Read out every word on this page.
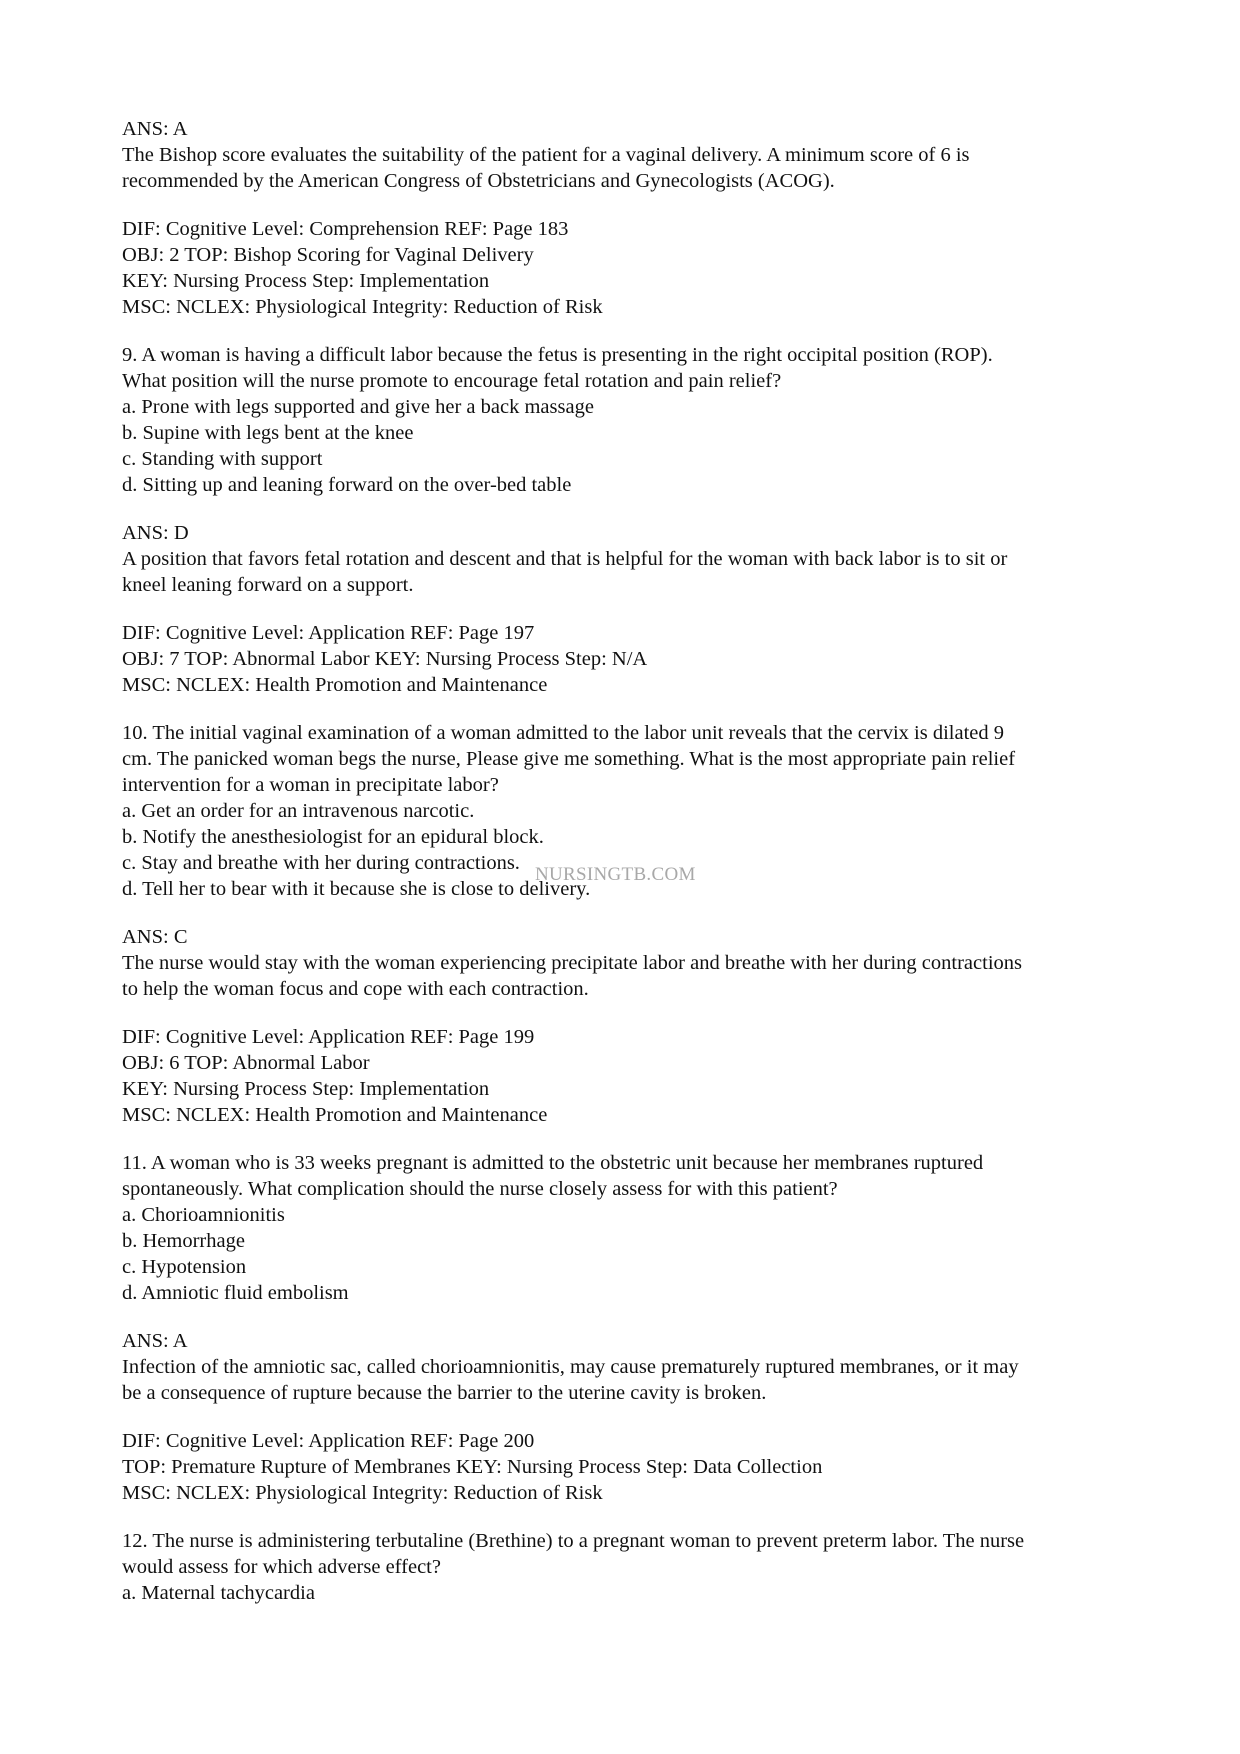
ANS: A
The Bishop score evaluates the suitability of the patient for a vaginal delivery. A minimum score of 6 is
recommended by the American Congress of Obstetricians and Gynecologists (ACOG).
DIF: Cognitive Level: Comprehension REF: Page 183
OBJ: 2 TOP: Bishop Scoring for Vaginal Delivery
KEY: Nursing Process Step: Implementation
MSC: NCLEX: Physiological Integrity: Reduction of Risk
9. A woman is having a difficult labor because the fetus is presenting in the right occipital position (ROP).
What position will the nurse promote to encourage fetal rotation and pain relief?
a. Prone with legs supported and give her a back massage
b. Supine with legs bent at the knee
c. Standing with support
d. Sitting up and leaning forward on the over-bed table
ANS: D
A position that favors fetal rotation and descent and that is helpful for the woman with back labor is to sit or
kneel leaning forward on a support.
DIF: Cognitive Level: Application REF: Page 197
OBJ: 7 TOP: Abnormal Labor KEY: Nursing Process Step: N/A
MSC: NCLEX: Health Promotion and Maintenance
10. The initial vaginal examination of a woman admitted to the labor unit reveals that the cervix is dilated 9
cm. The panicked woman begs the nurse, Please give me something. What is the most appropriate pain relief
intervention for a woman in precipitate labor?
a. Get an order for an intravenous narcotic.
b. Notify the anesthesiologist for an epidural block.
c. Stay and breathe with her during contractions.
d. Tell her to bear with it because she is close to delivery.
ANS: C
The nurse would stay with the woman experiencing precipitate labor and breathe with her during contractions
to help the woman focus and cope with each contraction.
DIF: Cognitive Level: Application REF: Page 199
OBJ: 6 TOP: Abnormal Labor
KEY: Nursing Process Step: Implementation
MSC: NCLEX: Health Promotion and Maintenance
11. A woman who is 33 weeks pregnant is admitted to the obstetric unit because her membranes ruptured
spontaneously. What complication should the nurse closely assess for with this patient?
a. Chorioamnionitis
b. Hemorrhage
c. Hypotension
d. Amniotic fluid embolism
ANS: A
Infection of the amniotic sac, called chorioamnionitis, may cause prematurely ruptured membranes, or it may
be a consequence of rupture because the barrier to the uterine cavity is broken.
DIF: Cognitive Level: Application REF: Page 200
TOP: Premature Rupture of Membranes KEY: Nursing Process Step: Data Collection
MSC: NCLEX: Physiological Integrity: Reduction of Risk
12. The nurse is administering terbutaline (Brethine) to a pregnant woman to prevent preterm labor. The nurse
would assess for which adverse effect?
a. Maternal tachycardia
NURSINGTB.COM
